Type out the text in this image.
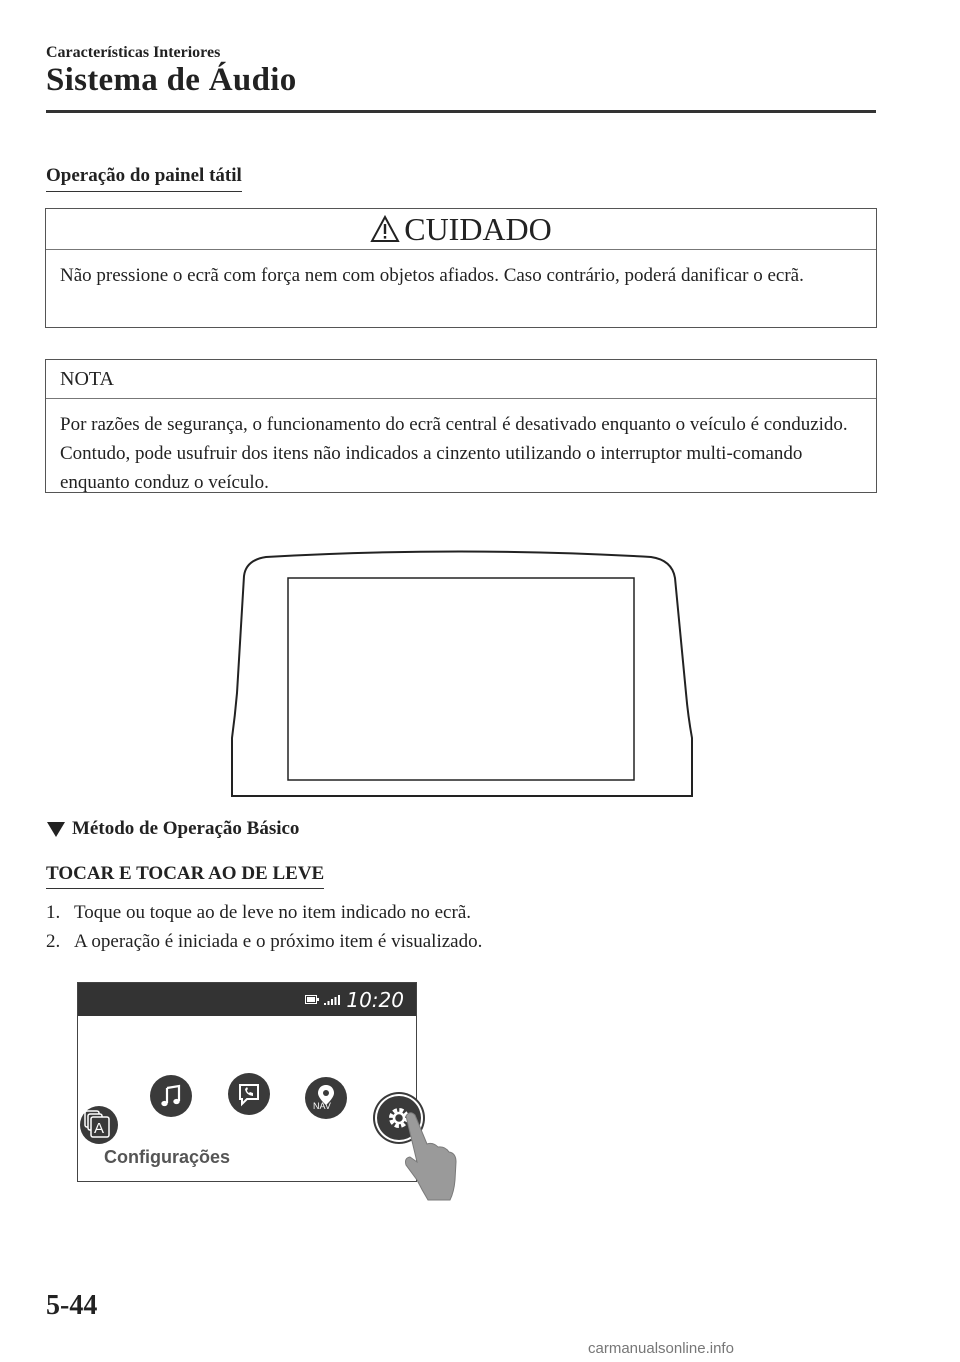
Características Interiores
Sistema de Áudio
Operação do painel tátil
CUIDADO
Não pressione o ecrã com força nem com objetos afiados. Caso contrário, poderá danificar o ecrã.
NOTA
Por razões de segurança, o funcionamento do ecrã central é desativado enquanto o veículo é conduzido. Contudo, pode usufruir dos itens não indicados a cinzento utilizando o interruptor multi-comando enquanto conduz o veículo.
Método de Operação Básico
TOCAR E TOCAR AO DE LEVE
1. Toque ou toque ao de leve no item indicado no ecrã.
2. A operação é iniciada e o próximo item é visualizado.
10:20
A
NAV
Configurações
5-44
carmanualsonline.info
